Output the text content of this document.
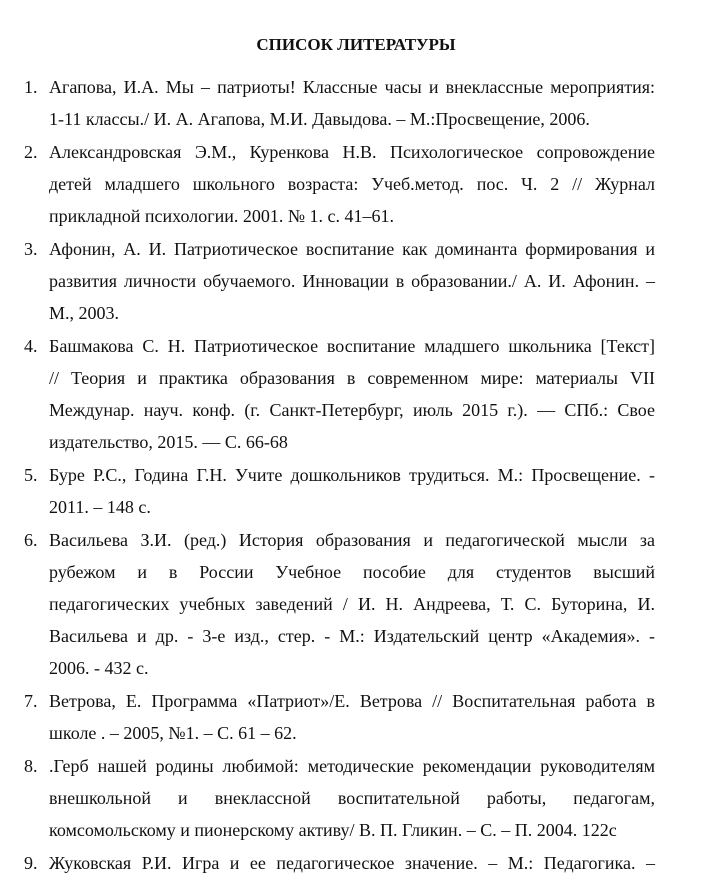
СПИСОК ЛИТЕРАТУРЫ
1. Агапова, И.А. Мы – патриоты! Классные часы и внеклассные мероприятия:
1-11 классы./ И. А. Агапова, М.И. Давыдова. – М.:Просвещение, 2006.
2. Александровская Э.М., Куренкова Н.В. Психологическое сопровождение
детей младшего школьного возраста: Учеб.метод. пос. Ч. 2 // Журнал
прикладной психологии. 2001. № 1. с. 41–61.
3. Афонин, А. И. Патриотическое воспитание как доминанта формирования и
развития личности обучаемого. Инновации в образовании./ А. И. Афонин. –
М., 2003.
4. Башмакова С. Н. Патриотическое воспитание младшего школьника [Текст]
// Теория и практика образования в современном мире: материалы VII
Междунар. науч. конф. (г. Санкт-Петербург, июль 2015 г.). — СПб.: Свое
издательство, 2015. — С. 66-68
5. Буре Р.С., Година Г.Н. Учите дошкольников трудиться. М.: Просвещение. -
2011. – 148 с.
6. Васильева З.И. (ред.) История образования и педагогической мысли за
рубежом и в России Учебное пособие для студентов высший
педагогических учебных заведений / И. Н. Андреева, Т. С. Буторина, И.
Васильева и др. - 3-е изд., стер. - М.: Издательский центр «Академия». -
2006. - 432 с.
7. Ветрова, Е. Программа «Патриот»/Е. Ветрова // Воспитательная работа в
школе . – 2005, №1. – С. 61 – 62.
8. .Герб нашей родины любимой: методические рекомендации руководителям
внешкольной и внеклассной воспитательной работы, педагогам,
комсомольскому и пионерскому активу/ В. П. Гликин. – С. – П. 2004. 122с
9. Жуковская Р.И. Игра и ее педагогическое значение. – М.: Педагогика. –
